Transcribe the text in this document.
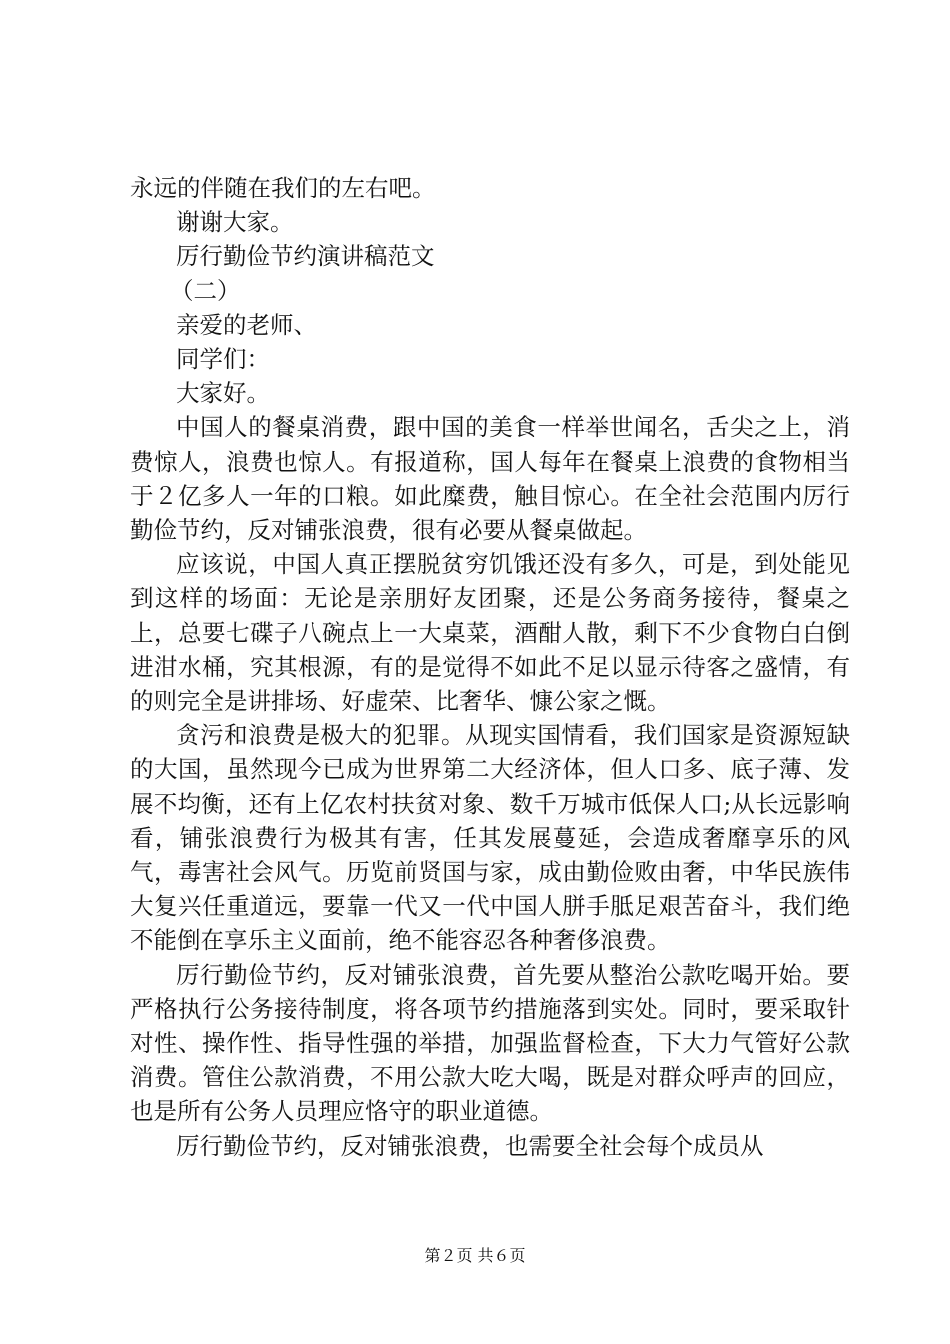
永远的伴随在我们的左右吧。

谢谢大家。

厉行勤俭节约演讲稿范文

（二）

亲爱的老师、

同学们：

大家好。

中国人的餐桌消费，跟中国的美食一样举世闻名，舌尖之上，消费惊人，浪费也惊人。有报道称，国人每年在餐桌上浪费的食物相当于２亿多人一年的口粮。如此糜费，触目惊心。在全社会范围内厉行勤俭节约，反对铺张浪费，很有必要从餐桌做起。

应该说，中国人真正摆脱贫穷饥饿还没有多久，可是，到处能见到这样的场面：无论是亲朋好友团聚，还是公务商务接待，餐桌之上，总要七碟子八碗点上一大桌菜，酒酣人散，剩下不少食物白白倒进泔水桶，究其根源，有的是觉得不如此不足以显示待客之盛情，有的则完全是讲排场、好虚荣、比奢华、慷公家之慨。

贪污和浪费是极大的犯罪。从现实国情看，我们国家是资源短缺的大国，虽然现今已成为世界第二大经济体，但人口多、底子薄、发展不均衡，还有上亿农村扶贫对象、数千万城市低保人口;从长远影响看，铺张浪费行为极其有害，任其发展蔓延，会造成奢靡享乐的风气，毒害社会风气。历览前贤国与家，成由勤俭败由奢，中华民族伟大复兴任重道远，要靠一代又一代中国人胼手胝足艰苦奋斗，我们绝不能倒在享乐主义面前，绝不能容忍各种奢侈浪费。

厉行勤俭节约，反对铺张浪费，首先要从整治公款吃喝开始。要严格执行公务接待制度，将各项节约措施落到实处。同时，要采取针对性、操作性、指导性强的举措，加强监督检查，下大力气管好公款消费。管住公款消费，不用公款大吃大喝，既是对群众呼声的回应，也是所有公务人员理应恪守的职业道德。

厉行勤俭节约，反对铺张浪费，也需要全社会每个成员从

第２页 共６页
